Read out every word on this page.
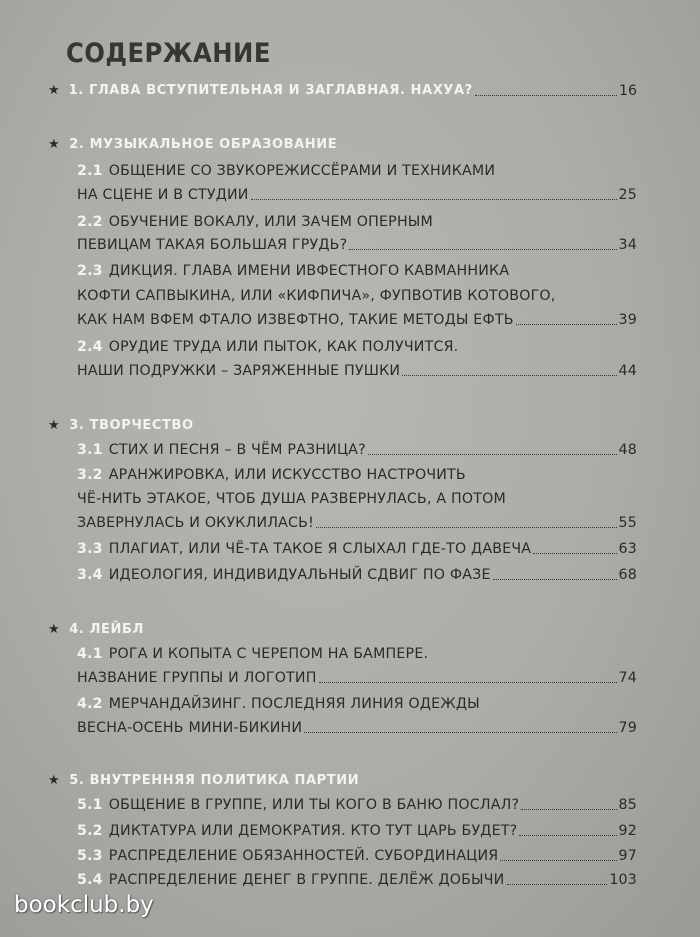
СОДЕРЖАНИЕ
★ 1. ГЛАВА ВСТУПИТЕЛЬНАЯ И ЗАГЛАВНАЯ. НАХУА?	16
★ 2. МУЗЫКАЛЬНОЕ ОБРАЗОВАНИЕ
2.1 ОБЩЕНИЕ СО ЗВУКОРЕЖИССЁРАМИ И ТЕХНИКАМИ
НА СЦЕНЕ И В СТУДИИ	25
2.2 ОБУЧЕНИЕ ВОКАЛУ, ИЛИ ЗАЧЕМ ОПЕРНЫМ
ПЕВИЦАМ ТАКАЯ БОЛЬШАЯ ГРУДЬ?	34
2.3 ДИКЦИЯ. ГЛАВА ИМЕНИ ИВФЕСТНОГО КАВМАННИКА
КОФТИ САПВЫКИНА, ИЛИ «КИФПИЧА», ФУПВОТИВ КОТОВОГО,
КАК НАМ ВФЕМ ФТАЛО ИЗВЕФТНО, ТАКИЕ МЕТОДЫ ЕФТЬ	39
2.4 ОРУДИЕ ТРУДА ИЛИ ПЫТОК, КАК ПОЛУЧИТСЯ.
НАШИ ПОДРУЖКИ – ЗАРЯЖЕННЫЕ ПУШКИ	44
★ 3. ТВОРЧЕСТВО
3.1 СТИХ И ПЕСНЯ – В ЧЁМ РАЗНИЦА?	48
3.2 АРАНЖИРОВКА, ИЛИ ИСКУССТВО НАСТРОЧИТЬ
ЧЁ-НИТЬ ЭТАКОЕ, ЧТОБ ДУША РАЗВЕРНУЛАСЬ, А ПОТОМ
ЗАВЕРНУЛАСЬ И ОКУКЛИЛАСЬ!	55
3.3 ПЛАГИАТ, ИЛИ ЧЁ-ТА ТАКОЕ Я СЛЫХАЛ ГДЕ-ТО ДАВЕЧА	63
3.4 ИДЕОЛОГИЯ, ИНДИВИДУАЛЬНЫЙ СДВИГ ПО ФАЗЕ	68
★ 4. ЛЕЙБЛ
4.1 РОГА И КОПЫТА С ЧЕРЕПОМ НА БАМПЕРЕ.
НАЗВАНИЕ ГРУППЫ И ЛОГОТИП	74
4.2 МЕРЧАНДАЙЗИНГ. ПОСЛЕДНЯЯ ЛИНИЯ ОДЕЖДЫ
ВЕСНА-ОСЕНЬ МИНИ-БИКИНИ	79
★ 5. ВНУТРЕННЯЯ ПОЛИТИКА ПАРТИИ
5.1 ОБЩЕНИЕ В ГРУППЕ, ИЛИ ТЫ КОГО В БАНЮ ПОСЛАЛ?	85
5.2 ДИКТАТУРА ИЛИ ДЕМОКРАТИЯ. КТО ТУТ ЦАРЬ БУДЕТ?	92
5.3 РАСПРЕДЕЛЕНИЕ ОБЯЗАННОСТЕЙ. СУБОРДИНАЦИЯ	97
5.4 РАСПРЕДЕЛЕНИЕ ДЕНЕГ В ГРУППЕ. ДЕЛЁЖ ДОБЫЧИ	103
bookclub.by
